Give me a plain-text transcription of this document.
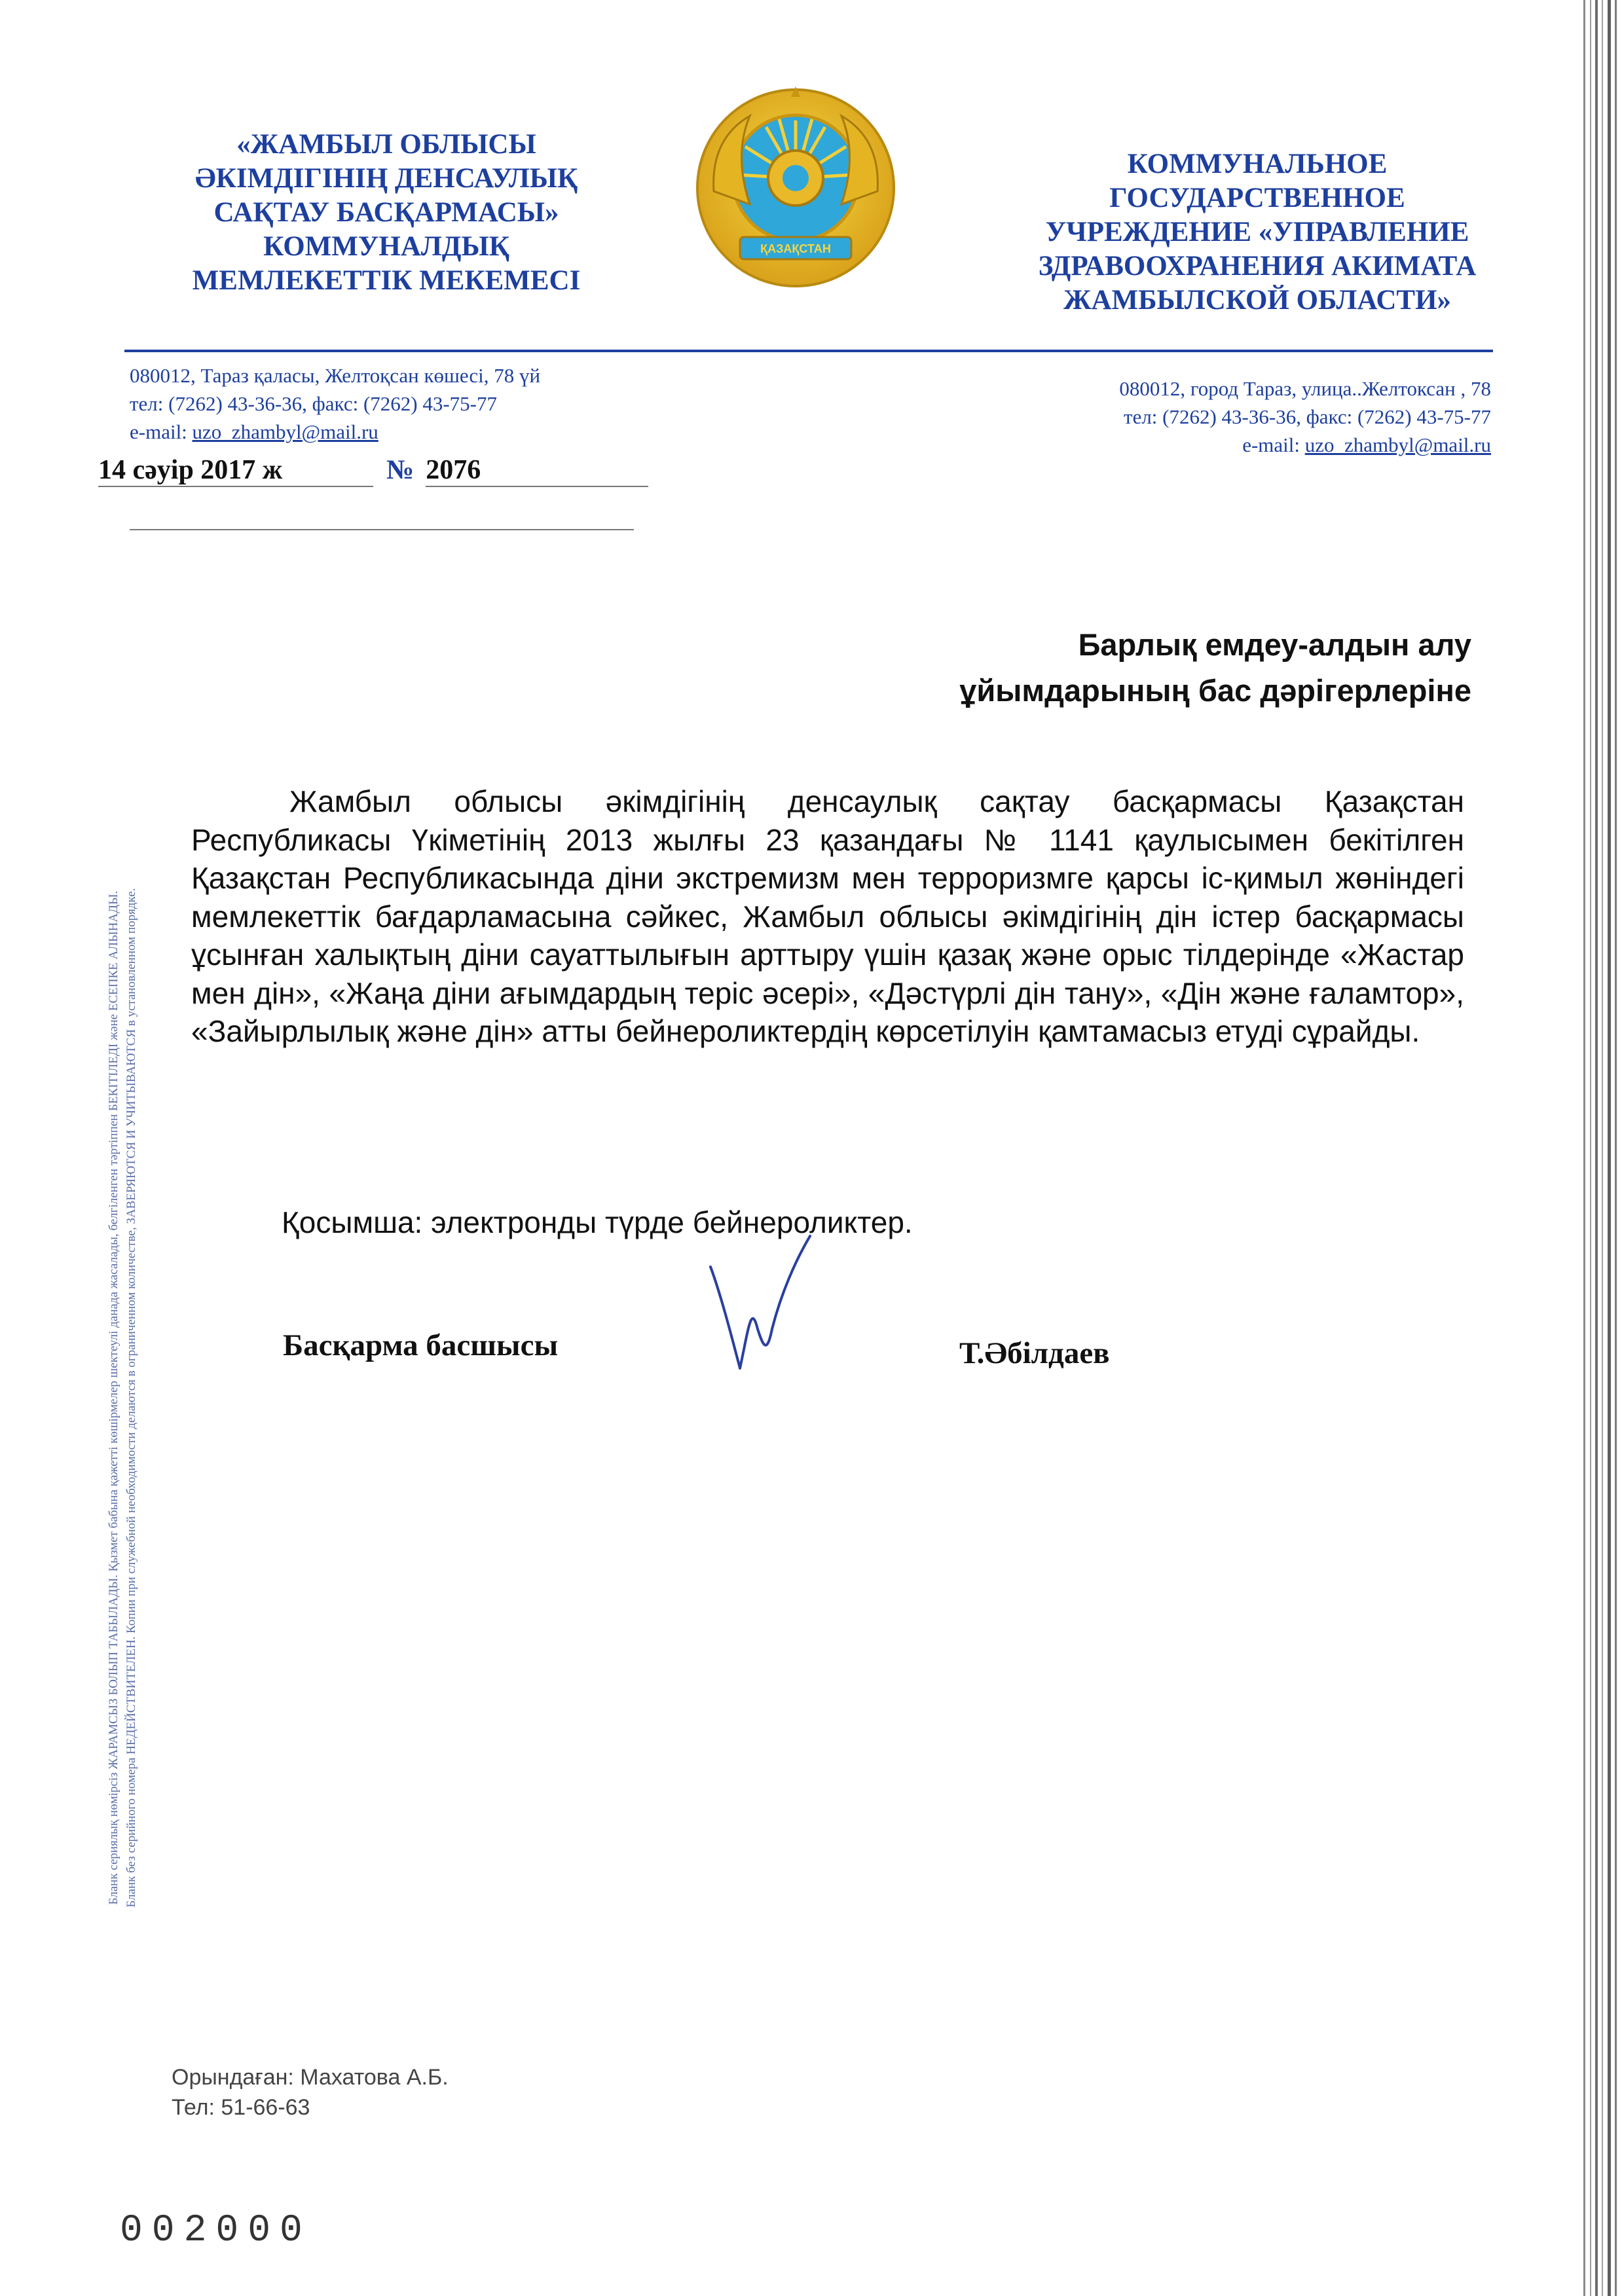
«ЖАМБЫЛ ОБЛЫСЫ
ӘКІМДІГІНІҢ ДЕНСАУЛЫҚ
САҚТАУ БАСҚАРМАСЫ»
КОММУНАЛДЫҚ
МЕМЛЕКЕТТІК МЕКЕМЕСІ
ҚАЗАҚСТАН
КОММУНАЛЬНОЕ
ГОСУДАРСТВЕННОЕ
УЧРЕЖДЕНИЕ «УПРАВЛЕНИЕ
ЗДРАВООХРАНЕНИЯ АКИМАТА
ЖАМБЫЛСКОЙ ОБЛАСТИ»
080012, Тараз қаласы, Желтоқсан көшесі, 78 үй
тел: (7262) 43-36-36, факс: (7262) 43-75-77
e-mail: uzo_zhambyl@mail.ru
080012, город Тараз, улица..Желтоксан , 78
тел: (7262) 43-36-36, факс: (7262) 43-75-77
e-mail: uzo_zhambyl@mail.ru
14 сәуір 2017 ж	№ 2076
Барлық емдеу-алдын алу
ұйымдарының бас дәрігерлеріне
Жамбыл облысы әкімдігінің денсаулық сақтау басқармасы Қазақстан Республикасы Үкіметінің 2013 жылғы 23 қазандағы № 1141 қаулысымен бекітілген Қазақстан Республикасында діни экстремизм мен терроризмге қарсы іс-қимыл жөніндегі мемлекеттік бағдарламасына сәйкес, Жамбыл облысы әкімдігінің дін істер басқармасы ұсынған халықтың діни сауаттылығын арттыру үшін қазақ және орыс тілдерінде «Жастар мен дін», «Жаңа діни ағымдардың теріс әсері», «Дәстүрлі дін тану», «Дін және ғаламтор», «Зайырлылық және дін» атты бейнероликтердің көрсетілуін қамтамасыз етуді сұрайды.
Қосымша: электронды түрде бейнероликтер.
Басқарма басшысы	Т.Әбілдаев
Орындаған: Махатова А.Б.
Тел: 51-66-63
002000
Бланк сериялық нөмірсіз ЖАРАМСЫЗ БОЛЫП ТАБЫЛАДЫ. Қызмет бабына қажетті көшірмелер шектеулі данада жасалады, белгіленген тәртіппен БЕКІТІЛЕДІ және ЕСЕПКЕ АЛЫНАДЫ. Бланк без серийного номера НЕДЕЙСТВИТЕЛЕН. Копии при служебной необходимости делаются в ограниченном количестве, ЗАВЕРЯЮТСЯ И УЧИТЫВАЮТСЯ в установленном порядке.
